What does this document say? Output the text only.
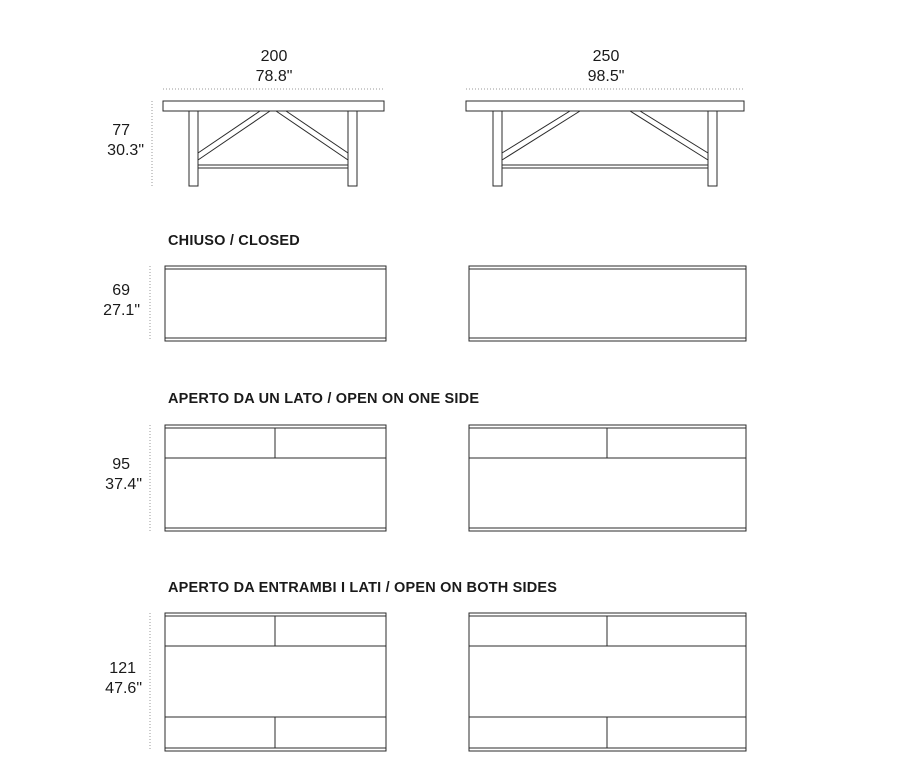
200
78.8"
250
98.5"
77
30.3"
CHIUSO / CLOSED
APERTO DA UN LATO / OPEN ON ONE SIDE
APERTO DA ENTRAMBI I LATI / OPEN ON BOTH SIDES
69
27.1"
95
37.4"
121
47.6"
